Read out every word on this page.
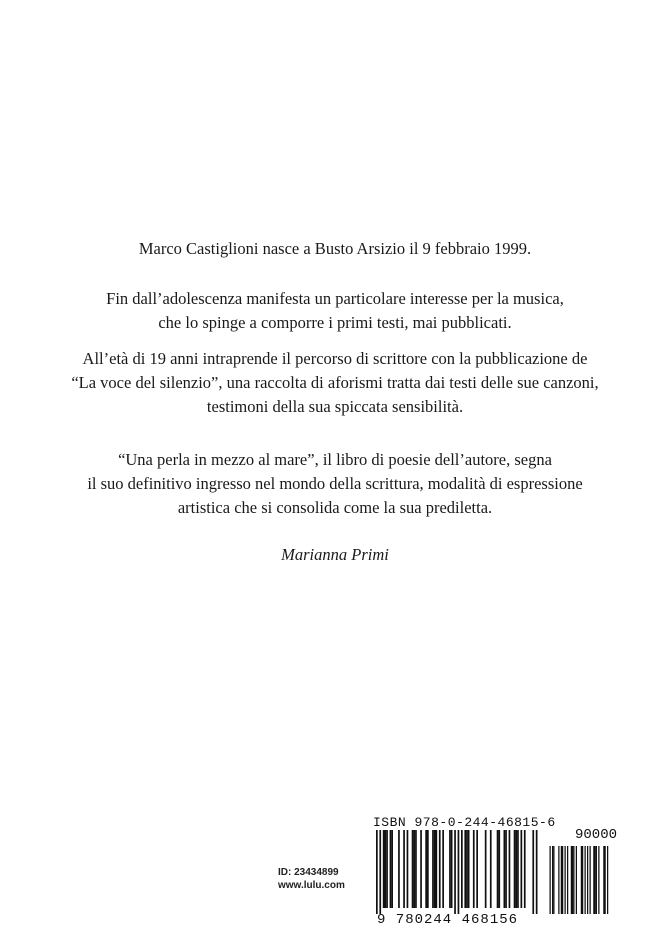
Marco Castiglioni nasce a Busto Arsizio il 9 febbraio 1999.
Fin dall’adolescenza manifesta un particolare interesse per la musica,
che lo spinge a comporre i primi testi, mai pubblicati.
All’età di 19 anni intraprende il percorso di scrittore con la pubblicazione de
“La voce del silenzio”, una raccolta di aforismi tratta dai testi delle sue canzoni,
testimoni della sua spiccata sensibilità.
“Una perla in mezzo al mare”, il libro di poesie dell’autore, segna
il suo definitivo ingresso nel mondo della scrittura, modalità di espressione
artistica che si consolida come la sua prediletta.
Marianna Primi
ID: 23434899
www.lulu.com
ISBN 978-0-244-46815-6
90000
9 780244 468156
